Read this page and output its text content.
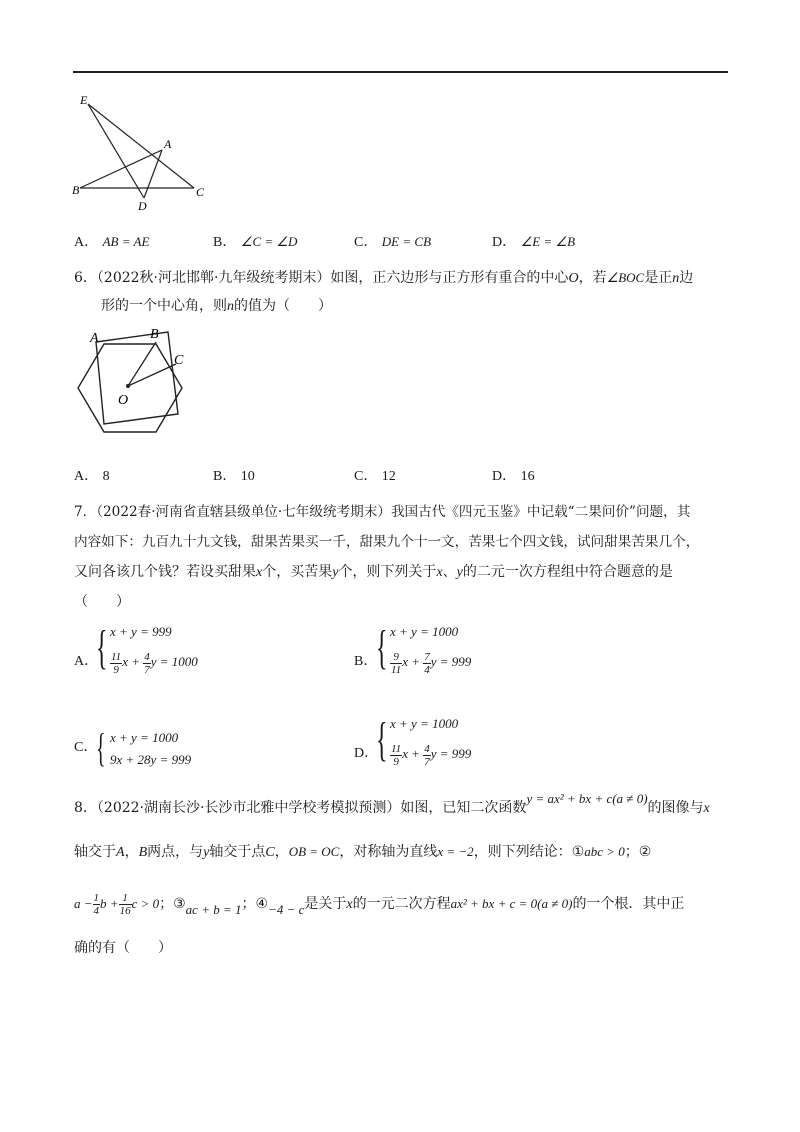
E
A
B	C
D
A． AB = AE	B． ∠C = ∠D	C． DE = CB	D． ∠E = ∠B
6．（2022秋·河北邯郸·九年级统考期末）如图，正六边形与正方形有重合的中心O，若∠BOC是正n边
形的一个中心角，则n的值为（　　）
A	B
C
O
A． 8	B． 10	C． 12	D． 16
7．（2022春·河南省直辖县级单位·七年级统考期末）我国古代《四元玉鉴》中记载“二果问价”问题，其
内容如下：九百九十九文钱，甜果苦果买一千，甜果九个十一文，苦果七个四文钱，试问甜果苦果几个，
又问各该几个钱？若设买甜果x个，买苦果y个，则下列关于x、y的二元一次方程组中符合题意的是
（　　）
A．
{ x + y = 999
$\frac{11}{9}$ $x + \frac{4}{7}$ y = 1000	B．
{ x + y = 1000
$\frac{9}{11}$ $x + \frac{7}{4}$ y = 999
C．
{ x + y = 1000
9x + 28y = 999	D．
{ x + y = 1000
$\frac{11}{9}$ $x + \frac{4}{7}$ y = 999
8．（2022·湖南长沙·长沙市北雅中学校考模拟预测）如图，已知二次函数y = ax² + bx + c(a ≠ 0)的图像与x
轴交于A，B两点，与y轴交于点C，OB = OC，对称轴为直线x = −2，则下列结论：①abc > 0；②
$a - \frac{1}{4}$ $b + \frac{1}{16}$ c > 0；③ac + b = 1；④−4 − c是关于x的一元二次方程ax² + bx + c = 0(a ≠ 0)的一个根．其中正
确的有（　　）
